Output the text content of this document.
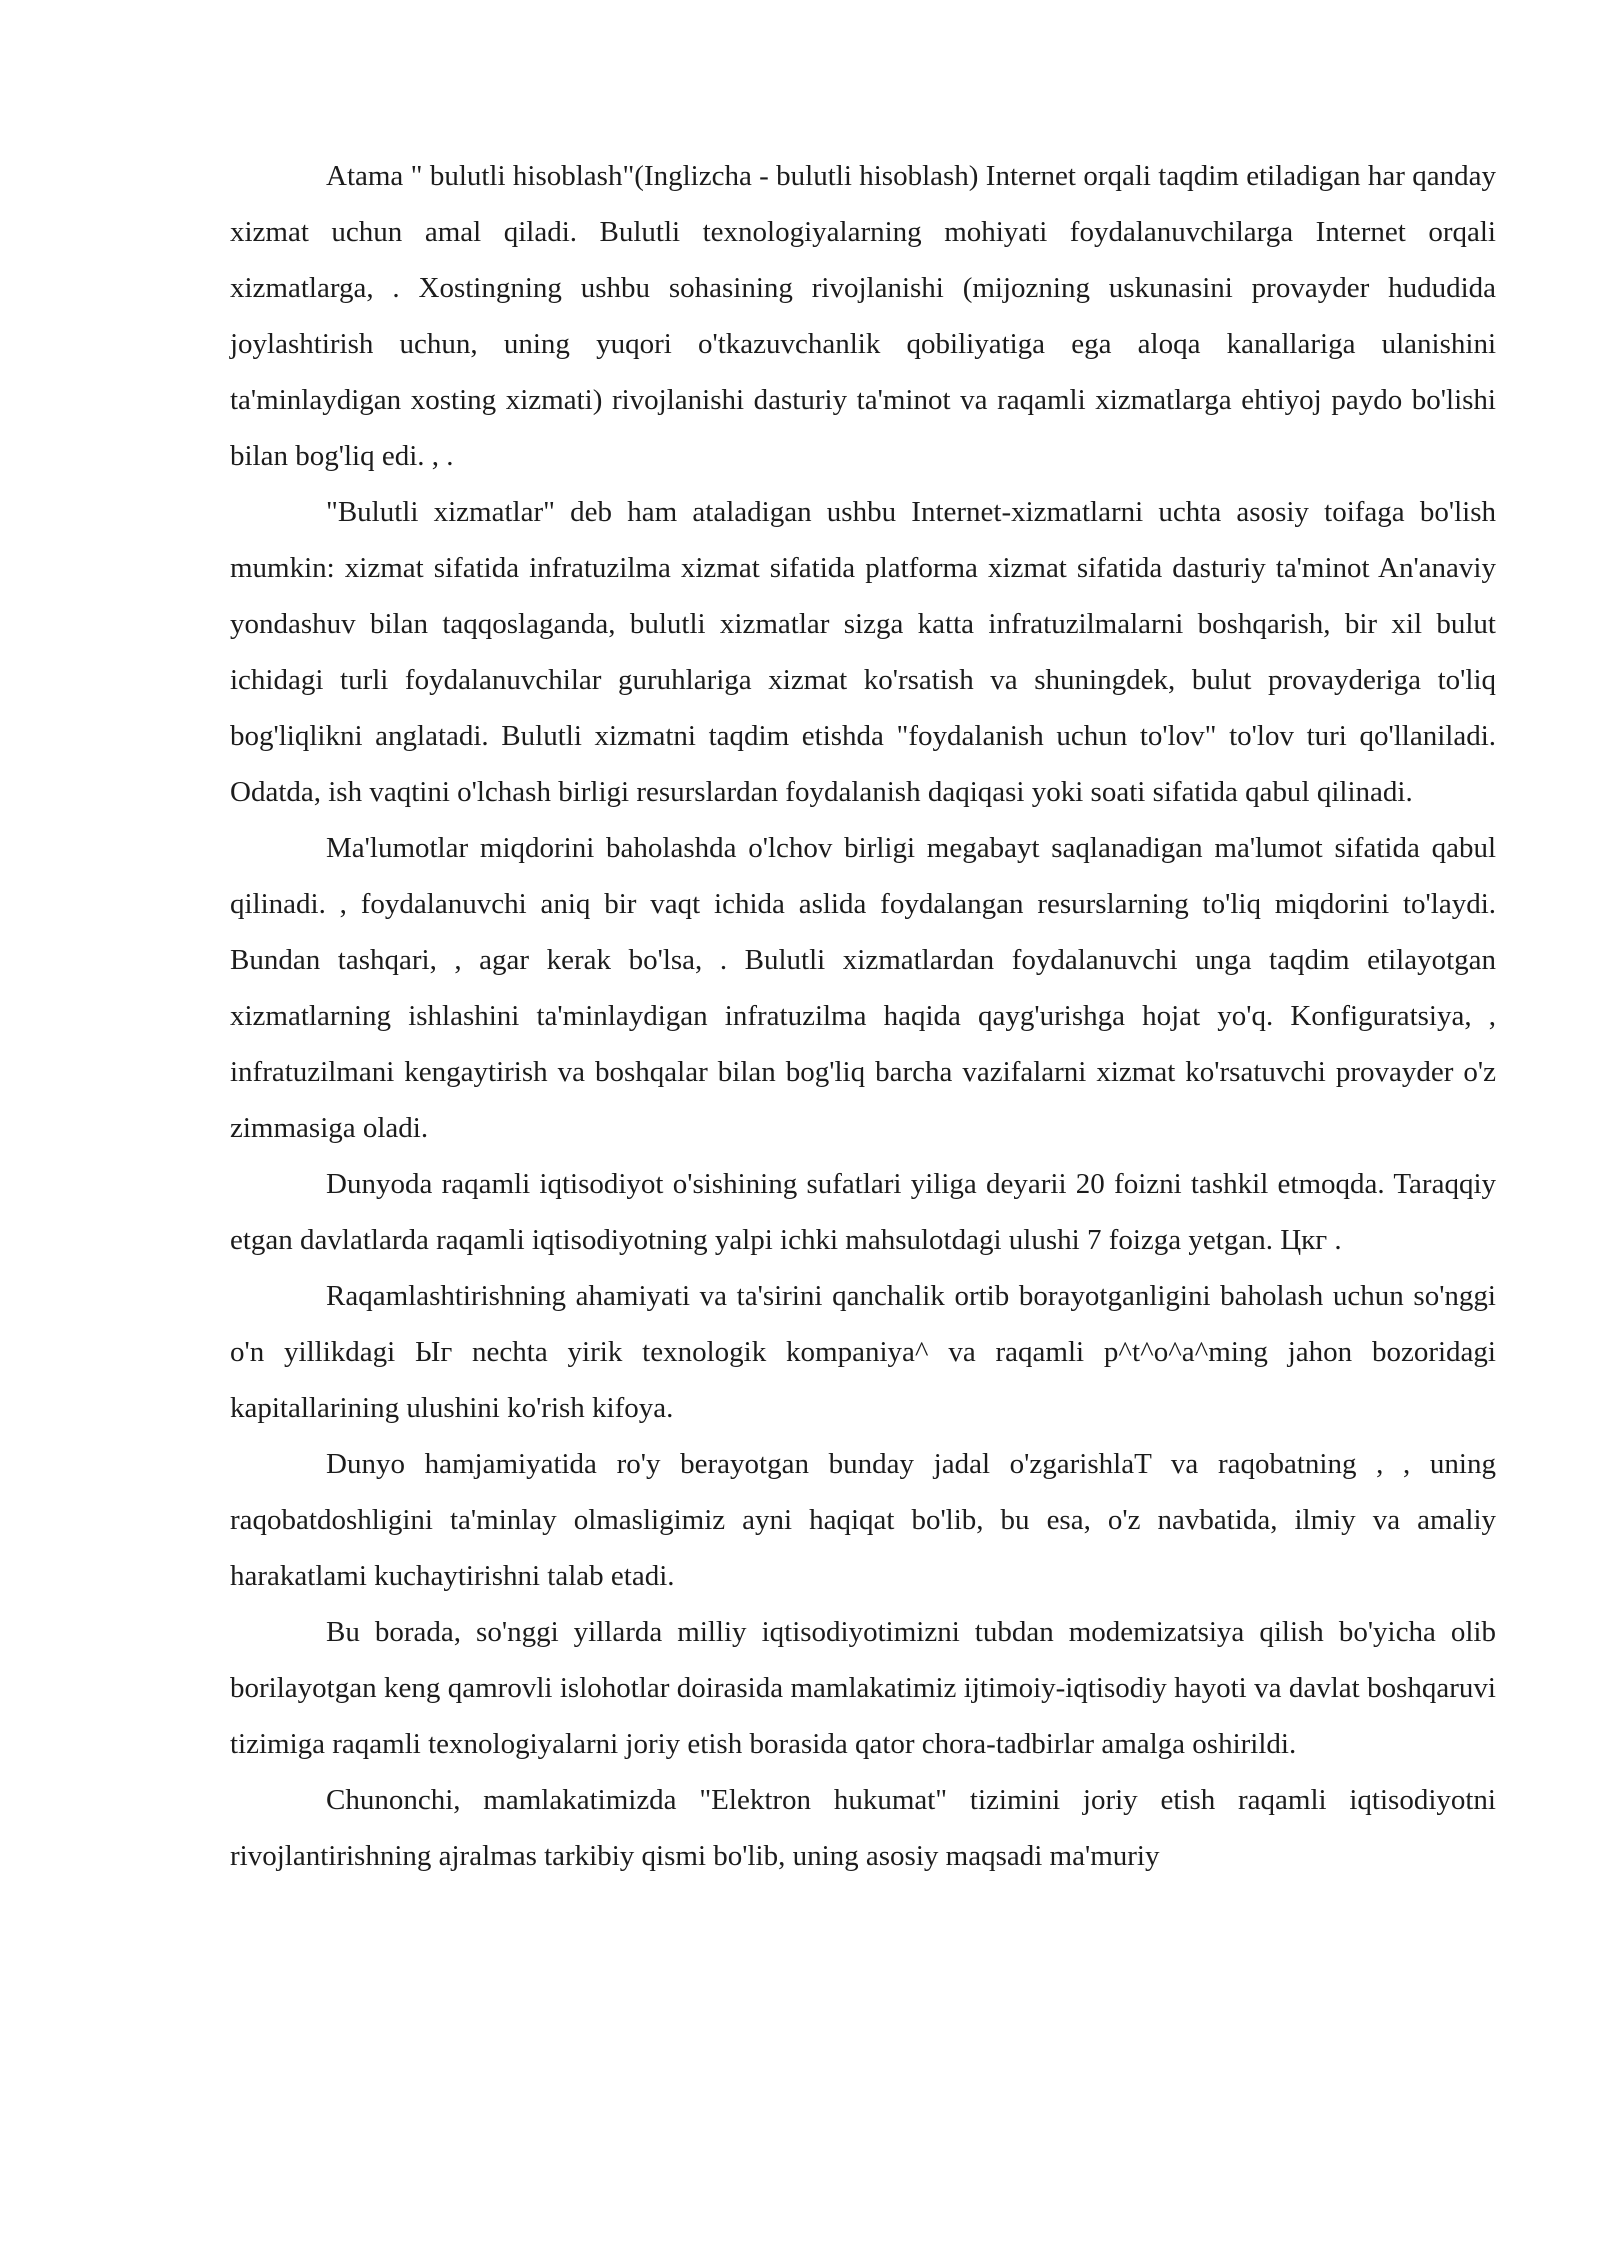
Atama " bulutli hisoblash"(Inglizcha - bulutli hisoblash) Internet orqali taqdim etiladigan har qanday xizmat uchun amal qiladi. Bulutli texnologiyalarning mohiyati foydalanuvchilarga Internet orqali xizmatlarga, . Xostingning ushbu sohasining rivojlanishi (mijozning uskunasini provayder hududida joylashtirish uchun, uning yuqori o'tkazuvchanlik qobiliyatiga ega aloqa kanallariga ulanishini ta'minlaydigan xosting xizmati) rivojlanishi dasturiy ta'minot va raqamli xizmatlarga ehtiyoj paydo bo'lishi bilan bog'liq edi. , .

"Bulutli xizmatlar" deb ham ataladigan ushbu Internet-xizmatlarni uchta asosiy toifaga bo'lish mumkin: xizmat sifatida infratuzilma xizmat sifatida platforma xizmat sifatida dasturiy ta'minot An'anaviy yondashuv bilan taqqoslaganda, bulutli xizmatlar sizga katta infratuzilmalarni boshqarish, bir xil bulut ichidagi turli foydalanuvchilar guruhlariga xizmat ko'rsatish va shuningdek, bulut provayderiga to'liq bog'liqlikni anglatadi. Bulutli xizmatni taqdim etishda "foydalanish uchun to'lov" to'lov turi qo'llaniladi. Odatda, ish vaqtini o'lchash birligi resurslardan foydalanish daqiqasi yoki soati sifatida qabul qilinadi.

Ma'lumotlar miqdorini baholashda o'lchov birligi megabayt saqlanadigan ma'lumot sifatida qabul qilinadi. , foydalanuvchi aniq bir vaqt ichida aslida foydalangan resurslarning to'liq miqdorini to'laydi. Bundan tashqari, , agar kerak bo'lsa, . Bulutli xizmatlardan foydalanuvchi unga taqdim etilayotgan xizmatlarning ishlashini ta'minlaydigan infratuzilma haqida qayg'urishga hojat yo'q. Konfiguratsiya, , infratuzilmani kengaytirish va boshqalar bilan bog'liq barcha vazifalarni xizmat ko'rsatuvchi provayder o'z zimmasiga oladi.

Dunyoda raqamli iqtisodiyot o'sishining sufatlari yiliga deyarii 20 foizni tashkil etmoqda. Taraqqiy etgan davlatlarda raqamli iqtisodiyotning yalpi ichki mahsulotdagi ulushi 7 foizga yetgan. Цкг .

Raqamlashtirishning ahamiyati va ta'sirini qanchalik ortib borayotganligini baholash uchun so'nggi o'n yillikdagi Ыг nechta yirik texnologik kompaniya^ va raqamli p^t^o^a^ming jahon bozoridagi kapitallarining ulushini ko'rish kifoya.

Dunyo hamjamiyatida ro'y berayotgan bunday jadal o'zgarishlaT va raqobatning , , uning raqobatdoshligini ta'minlay olmasligimiz ayni haqiqat bo'lib, bu esa, o'z navbatida, ilmiy va amaliy harakatlami kuchaytirishni talab etadi.

Bu borada, so'nggi yillarda milliy iqtisodiyotimizni tubdan modemizatsiya qilish bo'yicha olib borilayotgan keng qamrovli islohotlar doirasida mamlakatimiz ijtimoiy-iqtisodiy hayoti va davlat boshqaruvi tizimiga raqamli texnologiyalarni joriy etish borasida qator chora-tadbirlar amalga oshirildi.

Chunonchi, mamlakatimizda "Elektron hukumat" tizimini joriy etish raqamli iqtisodiyotni rivojlantirishning ajralmas tarkibiy qismi bo'lib, uning asosiy maqsadi ma'muriy
